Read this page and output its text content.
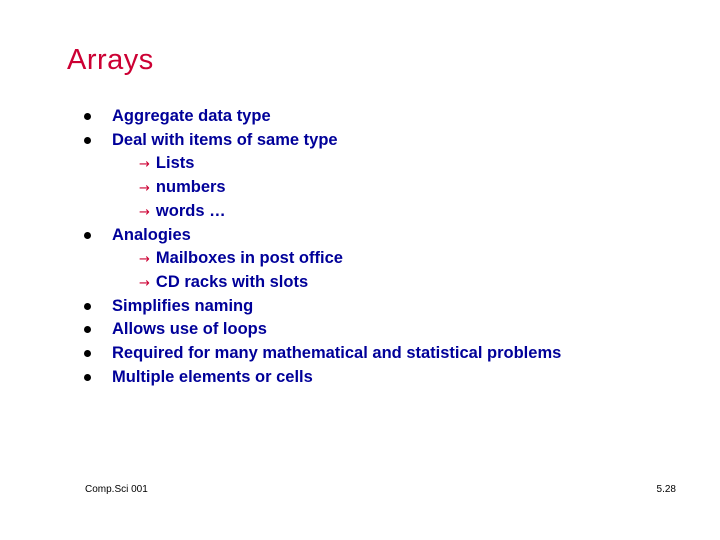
Arrays
Aggregate data type
Deal with items of same type
→ Lists
→ numbers
→ words …
Analogies
→ Mailboxes in post office
→ CD racks with slots
Simplifies naming
Allows use of loops
Required for many mathematical and statistical problems
Multiple elements or cells
Comp.Sci 001	5.28
